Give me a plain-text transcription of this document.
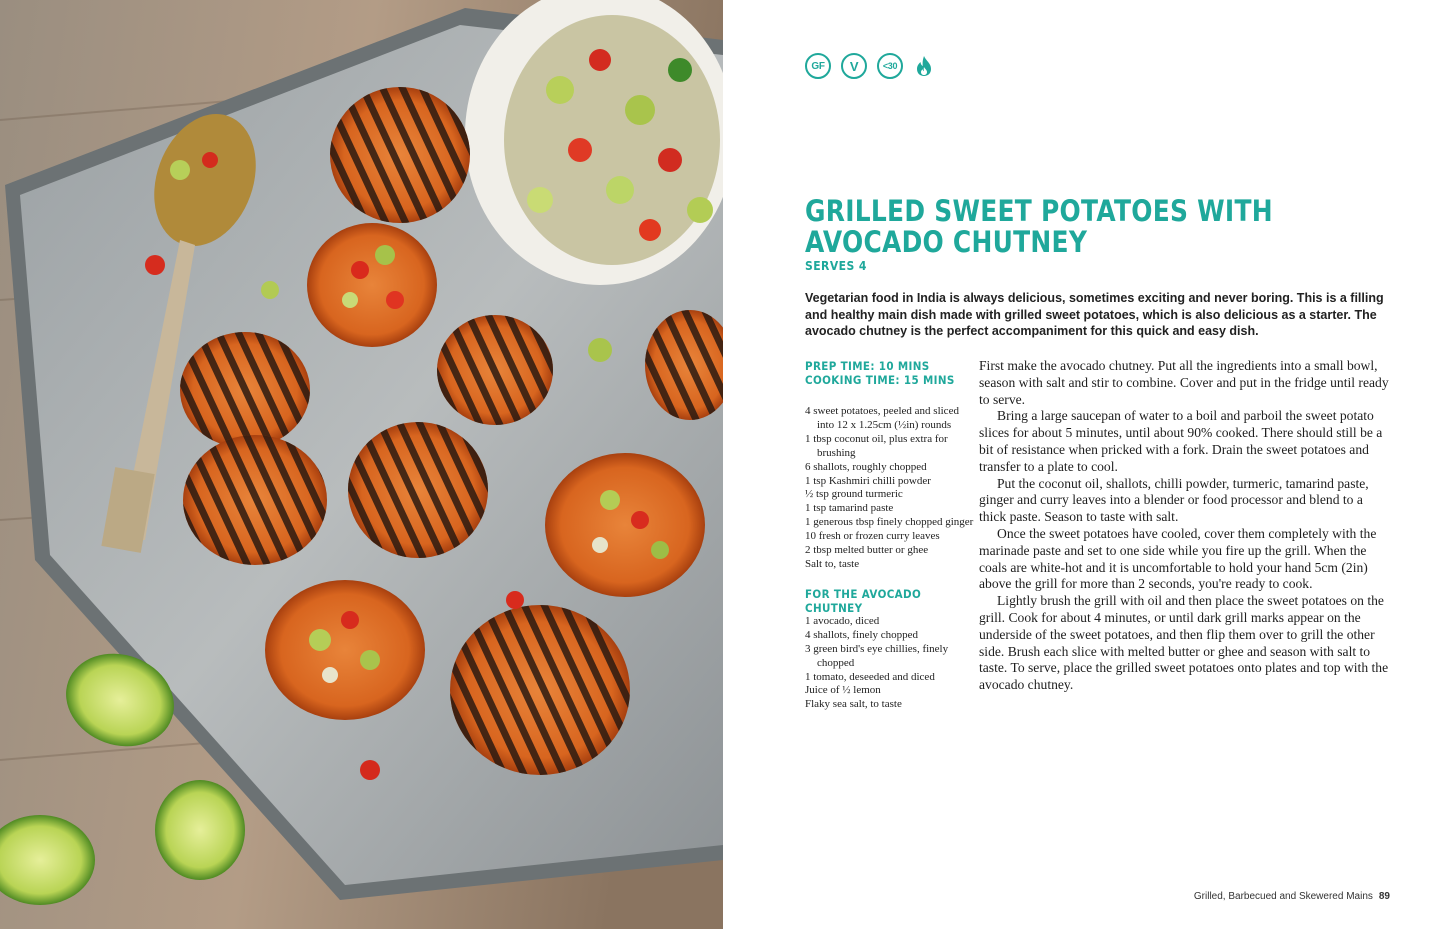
GF	V	<30
GRILLED SWEET POTATOES WITH AVOCADO CHUTNEY
SERVES 4

Vegetarian food in India is always delicious, sometimes exciting and never boring. This is a filling and healthy main dish made with grilled sweet potatoes, which is also delicious as a starter. The avocado chutney is the perfect accompaniment for this quick and easy dish.

PREP TIME: 10 MINS
COOKING TIME: 15 MINS
4 sweet potatoes, peeled and sliced into 12 x 1.25cm (½in) rounds
1 tbsp coconut oil, plus extra for brushing
6 shallots, roughly chopped
1 tsp Kashmiri chilli powder
½ tsp ground turmeric
1 tsp tamarind paste
1 generous tbsp finely chopped ginger
10 fresh or frozen curry leaves
2 tbsp melted butter or ghee
Salt to, taste
FOR THE AVOCADO CHUTNEY
1 avocado, diced
4 shallots, finely chopped
3 green bird's eye chillies, finely chopped
1 tomato, deseeded and diced
Juice of ½ lemon
Flaky sea salt, to taste

First make the avocado chutney. Put all the ingredients into a small bowl, season with salt and stir to combine. Cover and put in the fridge until ready to serve.

Bring a large saucepan of water to a boil and parboil the sweet potato slices for about 5 minutes, until about 90% cooked. There should still be a bit of resistance when pricked with a fork. Drain the sweet potatoes and transfer to a plate to cool.

Put the coconut oil, shallots, chilli powder, turmeric, tamarind paste, ginger and curry leaves into a blender or food processor and blend to a thick paste. Season to taste with salt.

Once the sweet potatoes have cooled, cover them completely with the marinade paste and set to one side while you fire up the grill. When the coals are white-hot and it is uncomfortable to hold your hand 5cm (2in) above the grill for more than 2 seconds, you're ready to cook.

Lightly brush the grill with oil and then place the sweet potatoes on the grill. Cook for about 4 minutes, or until dark grill marks appear on the underside of the sweet potatoes, and then flip them over to grill the other side. Brush each slice with melted butter or ghee and season with salt to taste. To serve, place the grilled sweet potatoes onto plates and top with the avocado chutney.

Grilled, Barbecued and Skewered Mains 89
